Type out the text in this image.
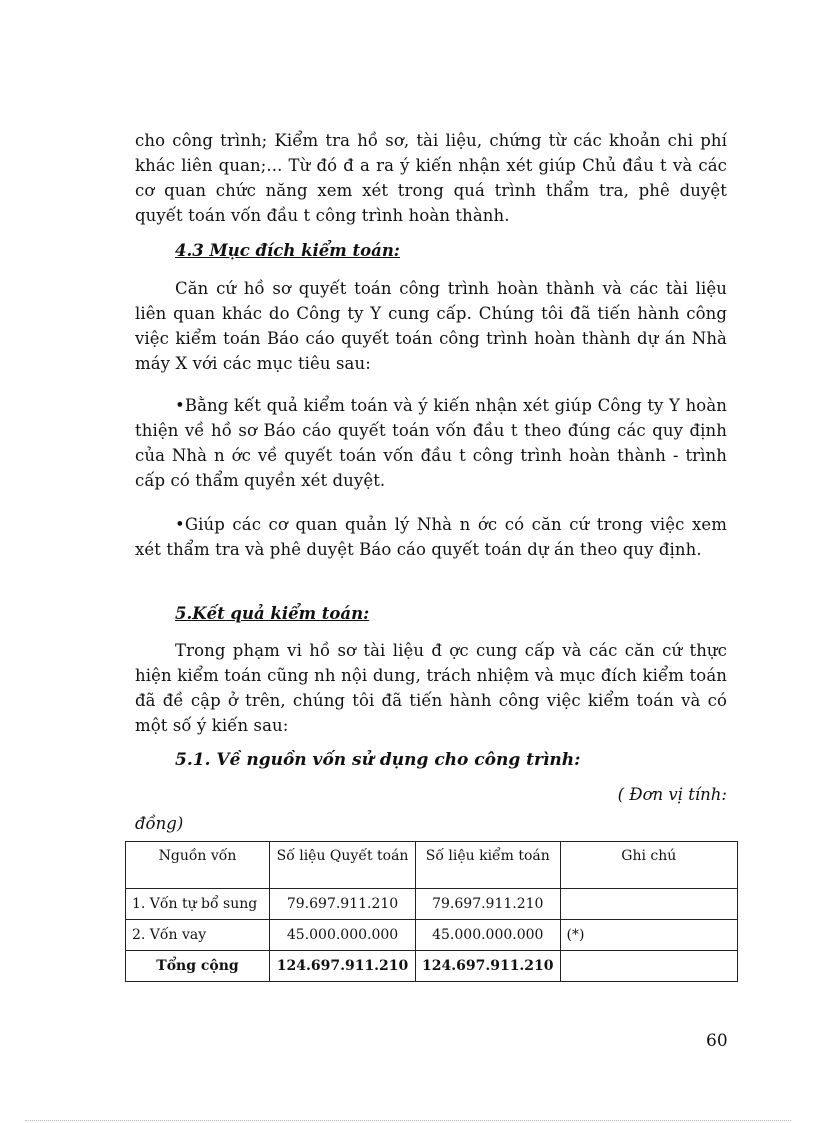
cho công trình; Kiểm tra hồ sơ, tài liệu, chứng từ các khoản chi phí khác liên quan;... Từ đó đ a ra ý kiến nhận xét giúp Chủ đầu t và các cơ quan chức năng xem xét trong quá trình thẩm tra, phê duyệt quyết toán vốn đầu t công trình hoàn thành.

4.3 Mục đích kiểm toán:

Căn cứ hồ sơ quyết toán công trình hoàn thành và các tài liệu liên quan khác do Công ty Y cung cấp. Chúng tôi đã tiến hành công việc kiểm toán Báo cáo quyết toán công trình hoàn thành dự án Nhà máy X với các mục tiêu sau:

•Bằng kết quả kiểm toán và ý kiến nhận xét giúp Công ty Y hoàn thiện về hồ sơ Báo cáo quyết toán vốn đầu t theo đúng các quy định của Nhà n ớc về quyết toán vốn đầu t công trình hoàn thành - trình cấp có thẩm quyền xét duyệt.

•Giúp các cơ quan quản lý Nhà n ớc có căn cứ trong việc xem xét thẩm tra và phê duyệt Báo cáo quyết toán dự án theo quy định.

5.Kết quả kiểm toán:

Trong phạm vi hồ sơ tài liệu đ ợc cung cấp và các căn cứ thực hiện kiểm toán cũng nh nội dung, trách nhiệm và mục đích kiểm toán đã đề cập ở trên, chúng tôi đã tiến hành công việc kiểm toán và có một số ý kiến sau:

5.1. Về nguồn vốn sử dụng cho công trình:
( Đơn vị tính:
đồng)
Nguồn vốn	Số liệu Quyết toán	Số liệu kiểm toán	Ghi chú
1. Vốn tự bổ sung	79.697.911.210	79.697.911.210	
2. Vốn vay	45.000.000.000	45.000.000.000	(*)
Tổng cộng	124.697.911.210	124.697.911.210	
60
